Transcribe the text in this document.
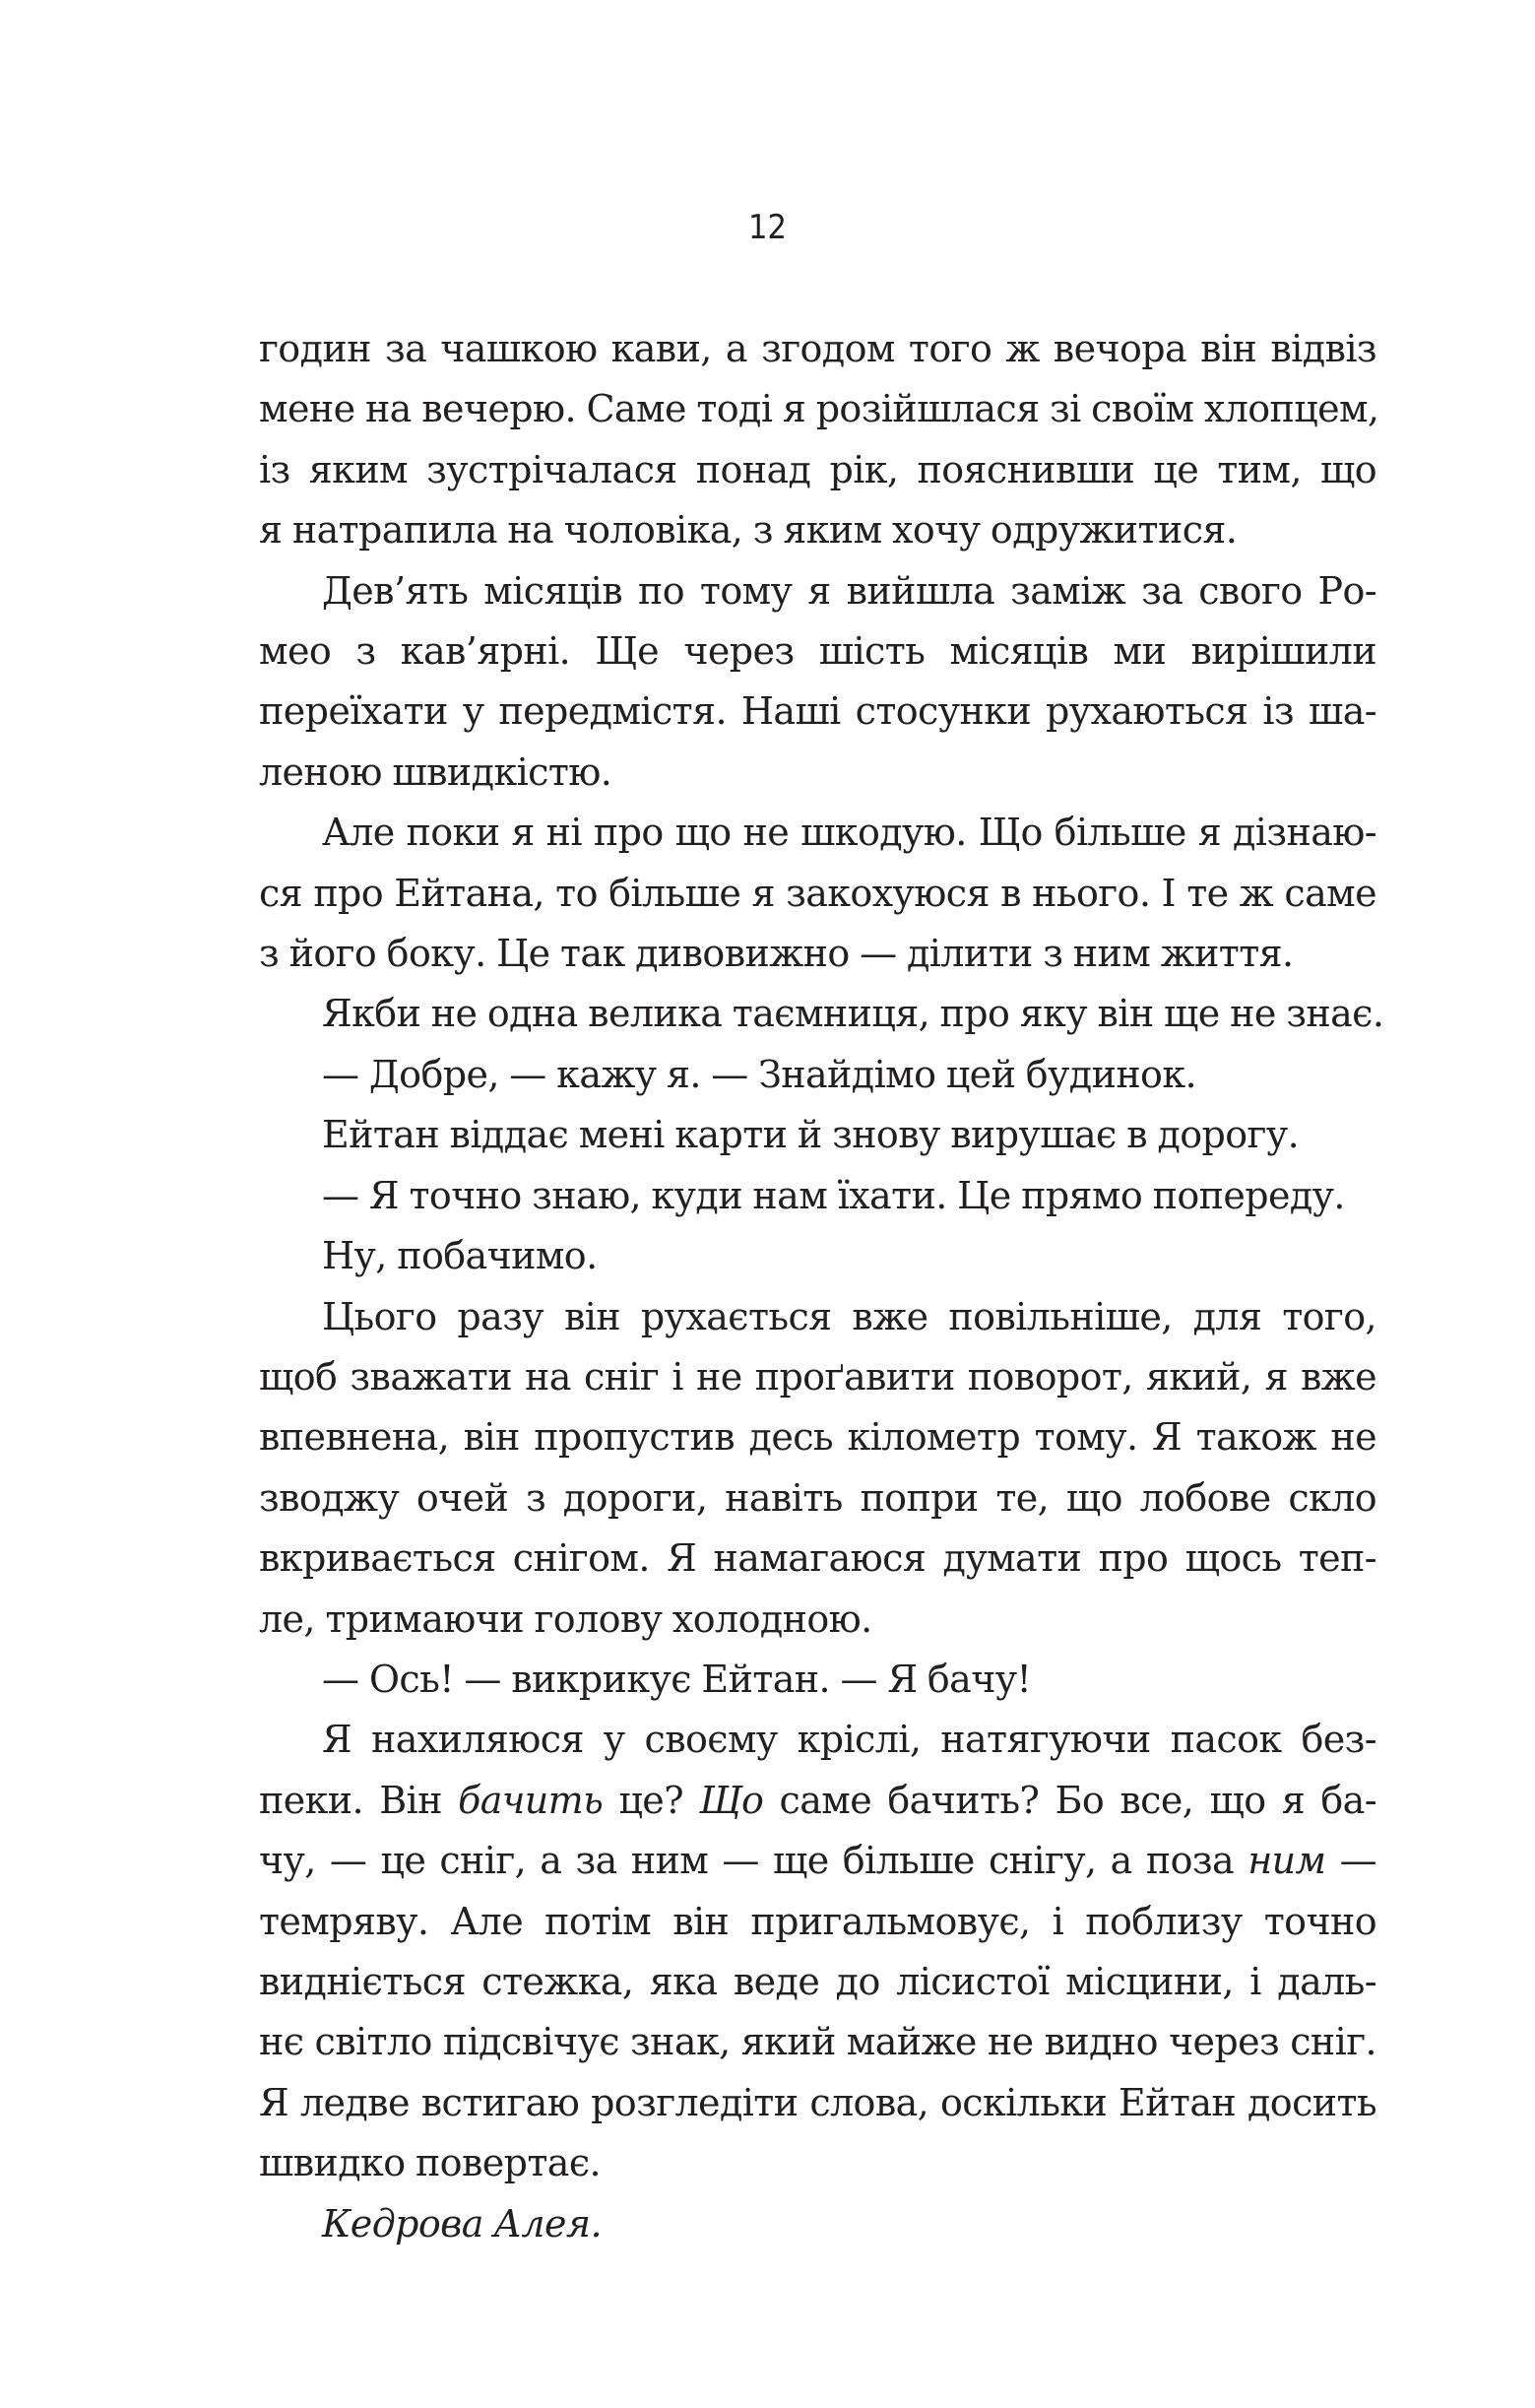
12

годин за чашкою кави, а згодом того ж вечора він відвіз
мене на вечерю. Саме тоді я розійшлася зі своїм хлопцем,
із яким зустрічалася понад рік, пояснивши це тим, що
я натрапила на чоловіка, з яким хочу одружитися.

Дев’ять місяців по тому я вийшла заміж за свого Ро-
мео з кав’ярні. Ще через шість місяців ми вирішили
переїхати у передмістя. Наші стосунки рухаються із ша-
леною швидкістю.

Але поки я ні про що не шкодую. Що більше я дізнаю-
ся про Ейтана, то більше я закохуюся в нього. І те ж саме
з його боку. Це так дивовижно — ділити з ним життя.

Якби не одна велика таємниця, про яку він ще не знає.

— Добре, — кажу я. — Знайдімо цей будинок.

Ейтан віддає мені карти й знову вирушає в дорогу.

— Я точно знаю, куди нам їхати. Це прямо попереду.

Ну, побачимо.

Цього разу він рухається вже повільніше, для того,
щоб зважати на сніг і не проґавити поворот, який, я вже
впевнена, він пропустив десь кілометр тому. Я також не
зводжу очей з дороги, навіть попри те, що лобове скло
вкривається снігом. Я намагаюся думати про щось теп-
ле, тримаючи голову холодною.

— Ось! — викрикує Ейтан. — Я бачу!

Я нахиляюся у своєму кріслі, натягуючи пасок без-
пеки. Він бачить це? Що саме бачить? Бо все, що я ба-
чу, — це сніг, а за ним — ще більше снігу, а поза ним —
темряву. Але потім він пригальмовує, і поблизу точно
видніється стежка, яка веде до лісистої місцини, і даль-
нє світло підсвічує знак, який майже не видно через сніг.
Я ледве встигаю розгледіти слова, оскільки Ейтан досить
швидко повертає.

Кедрова Алея.
